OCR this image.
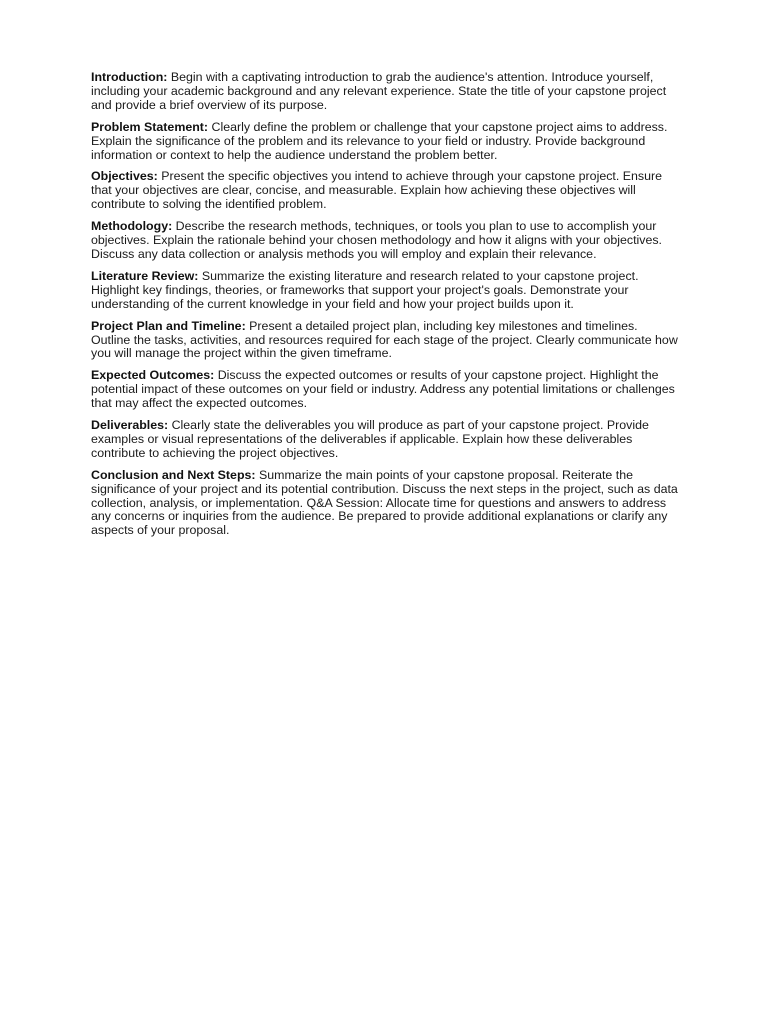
Introduction: Begin with a captivating introduction to grab the audience's attention. Introduce yourself, including your academic background and any relevant experience. State the title of your capstone project and provide a brief overview of its purpose.

Problem Statement: Clearly define the problem or challenge that your capstone project aims to address. Explain the significance of the problem and its relevance to your field or industry. Provide background information or context to help the audience understand the problem better.

Objectives: Present the specific objectives you intend to achieve through your capstone project. Ensure that your objectives are clear, concise, and measurable. Explain how achieving these objectives will contribute to solving the identified problem.

Methodology: Describe the research methods, techniques, or tools you plan to use to accomplish your objectives. Explain the rationale behind your chosen methodology and how it aligns with your objectives. Discuss any data collection or analysis methods you will employ and explain their relevance.

Literature Review: Summarize the existing literature and research related to your capstone project. Highlight key findings, theories, or frameworks that support your project's goals. Demonstrate your understanding of the current knowledge in your field and how your project builds upon it.

Project Plan and Timeline: Present a detailed project plan, including key milestones and timelines. Outline the tasks, activities, and resources required for each stage of the project. Clearly communicate how you will manage the project within the given timeframe.

Expected Outcomes: Discuss the expected outcomes or results of your capstone project. Highlight the potential impact of these outcomes on your field or industry. Address any potential limitations or challenges that may affect the expected outcomes.

Deliverables: Clearly state the deliverables you will produce as part of your capstone project. Provide examples or visual representations of the deliverables if applicable. Explain how these deliverables contribute to achieving the project objectives.

Conclusion and Next Steps: Summarize the main points of your capstone proposal. Reiterate the significance of your project and its potential contribution. Discuss the next steps in the project, such as data collection, analysis, or implementation. Q&A Session: Allocate time for questions and answers to address any concerns or inquiries from the audience. Be prepared to provide additional explanations or clarify any aspects of your proposal.
